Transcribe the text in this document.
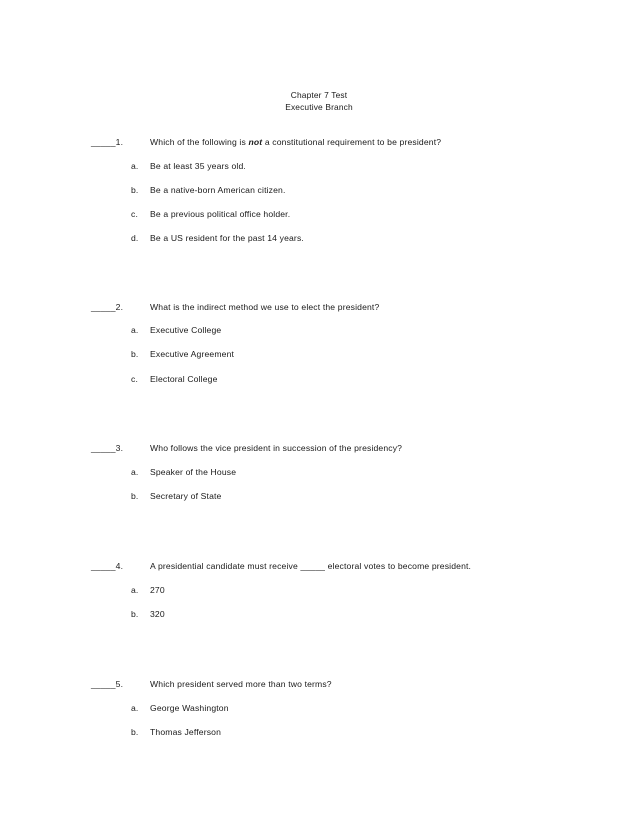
Chapter 7 Test
Executive Branch
_____1.	Which of the following is not a constitutional requirement to be president?
a. Be at least 35 years old.
b. Be a native-born American citizen.
c. Be a previous political office holder.
d. Be a US resident for the past 14 years.
_____2.	What is the indirect method we use to elect the president?
a. Executive College
b. Executive Agreement
c. Electoral College
_____3.	Who follows the vice president in succession of the presidency?
a. Speaker of the House
b. Secretary of State
_____4.	A presidential candidate must receive _____ electoral votes to become president.
a. 270
b. 320
_____5.	Which president served more than two terms?
a. George Washington
b. Thomas Jefferson
